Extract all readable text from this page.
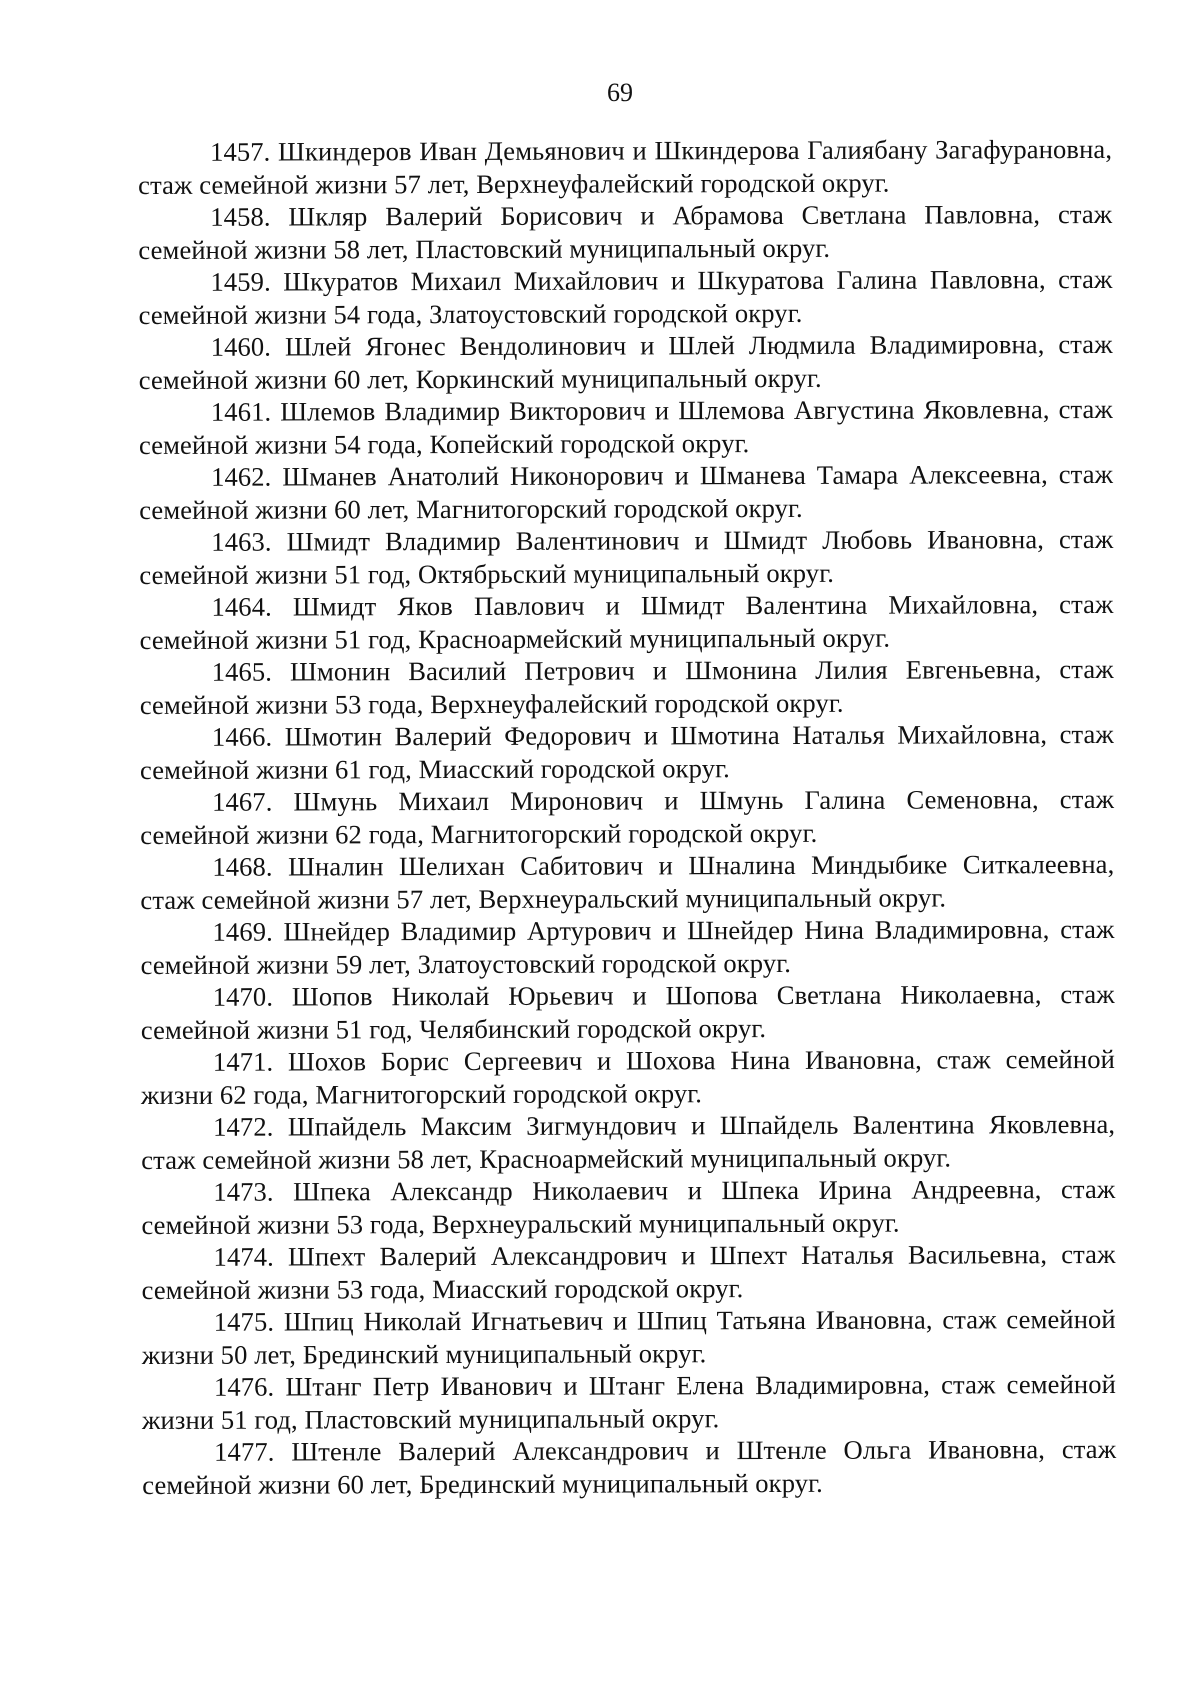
69

1457. Шкиндеров Иван Демьянович и Шкиндерова Галиябану Загафурановна, стаж семейной жизни 57 лет, Верхнеуфалейский городской округ.

1458. Шкляр Валерий Борисович и Абрамова Светлана Павловна, стаж семейной жизни 58 лет, Пластовский муниципальный округ.

1459. Шкуратов Михаил Михайлович и Шкуратова Галина Павловна, стаж семейной жизни 54 года, Златоустовский городской округ.

1460. Шлей Ягонес Вендолинович и Шлей Людмила Владимировна, стаж семейной жизни 60 лет, Коркинский муниципальный округ.

1461. Шлемов Владимир Викторович и Шлемова Августина Яковлевна, стаж семейной жизни 54 года, Копейский городской округ.

1462. Шманев Анатолий Никонорович и Шманева Тамара Алексеевна, стаж семейной жизни 60 лет, Магнитогорский городской округ.

1463. Шмидт Владимир Валентинович и Шмидт Любовь Ивановна, стаж семейной жизни 51 год, Октябрьский муниципальный округ.

1464. Шмидт Яков Павлович и Шмидт Валентина Михайловна, стаж семейной жизни 51 год, Красноармейский муниципальный округ.

1465. Шмонин Василий Петрович и Шмонина Лилия Евгеньевна, стаж семейной жизни 53 года, Верхнеуфалейский городской округ.

1466. Шмотин Валерий Федорович и Шмотина Наталья Михайловна, стаж семейной жизни 61 год, Миасский городской округ.

1467. Шмунь Михаил Миронович и Шмунь Галина Семеновна, стаж семейной жизни 62 года, Магнитогорский городской округ.

1468. Шналин Шелихан Сабитович и Шналина Миндыбике Ситкалеевна, стаж семейной жизни 57 лет, Верхнеуральский муниципальный округ.

1469. Шнейдер Владимир Артурович и Шнейдер Нина Владимировна, стаж семейной жизни 59 лет, Златоустовский городской округ.

1470. Шопов Николай Юрьевич и Шопова Светлана Николаевна, стаж семейной жизни 51 год, Челябинский городской округ.

1471. Шохов Борис Сергеевич и Шохова Нина Ивановна, стаж семейной жизни 62 года, Магнитогорский городской округ.

1472. Шпайдель Максим Зигмундович и Шпайдель Валентина Яковлевна, стаж семейной жизни 58 лет, Красноармейский муниципальный округ.

1473. Шпека Александр Николаевич и Шпека Ирина Андреевна, стаж семейной жизни 53 года, Верхнеуральский муниципальный округ.

1474. Шпехт Валерий Александрович и Шпехт Наталья Васильевна, стаж семейной жизни 53 года, Миасский городской округ.

1475. Шпиц Николай Игнатьевич и Шпиц Татьяна Ивановна, стаж семейной жизни 50 лет, Брединский муниципальный округ.

1476. Штанг Петр Иванович и Штанг Елена Владимировна, стаж семейной жизни 51 год, Пластовский муниципальный округ.

1477. Штенле Валерий Александрович и Штенле Ольга Ивановна, стаж семейной жизни 60 лет, Брединский муниципальный округ.
